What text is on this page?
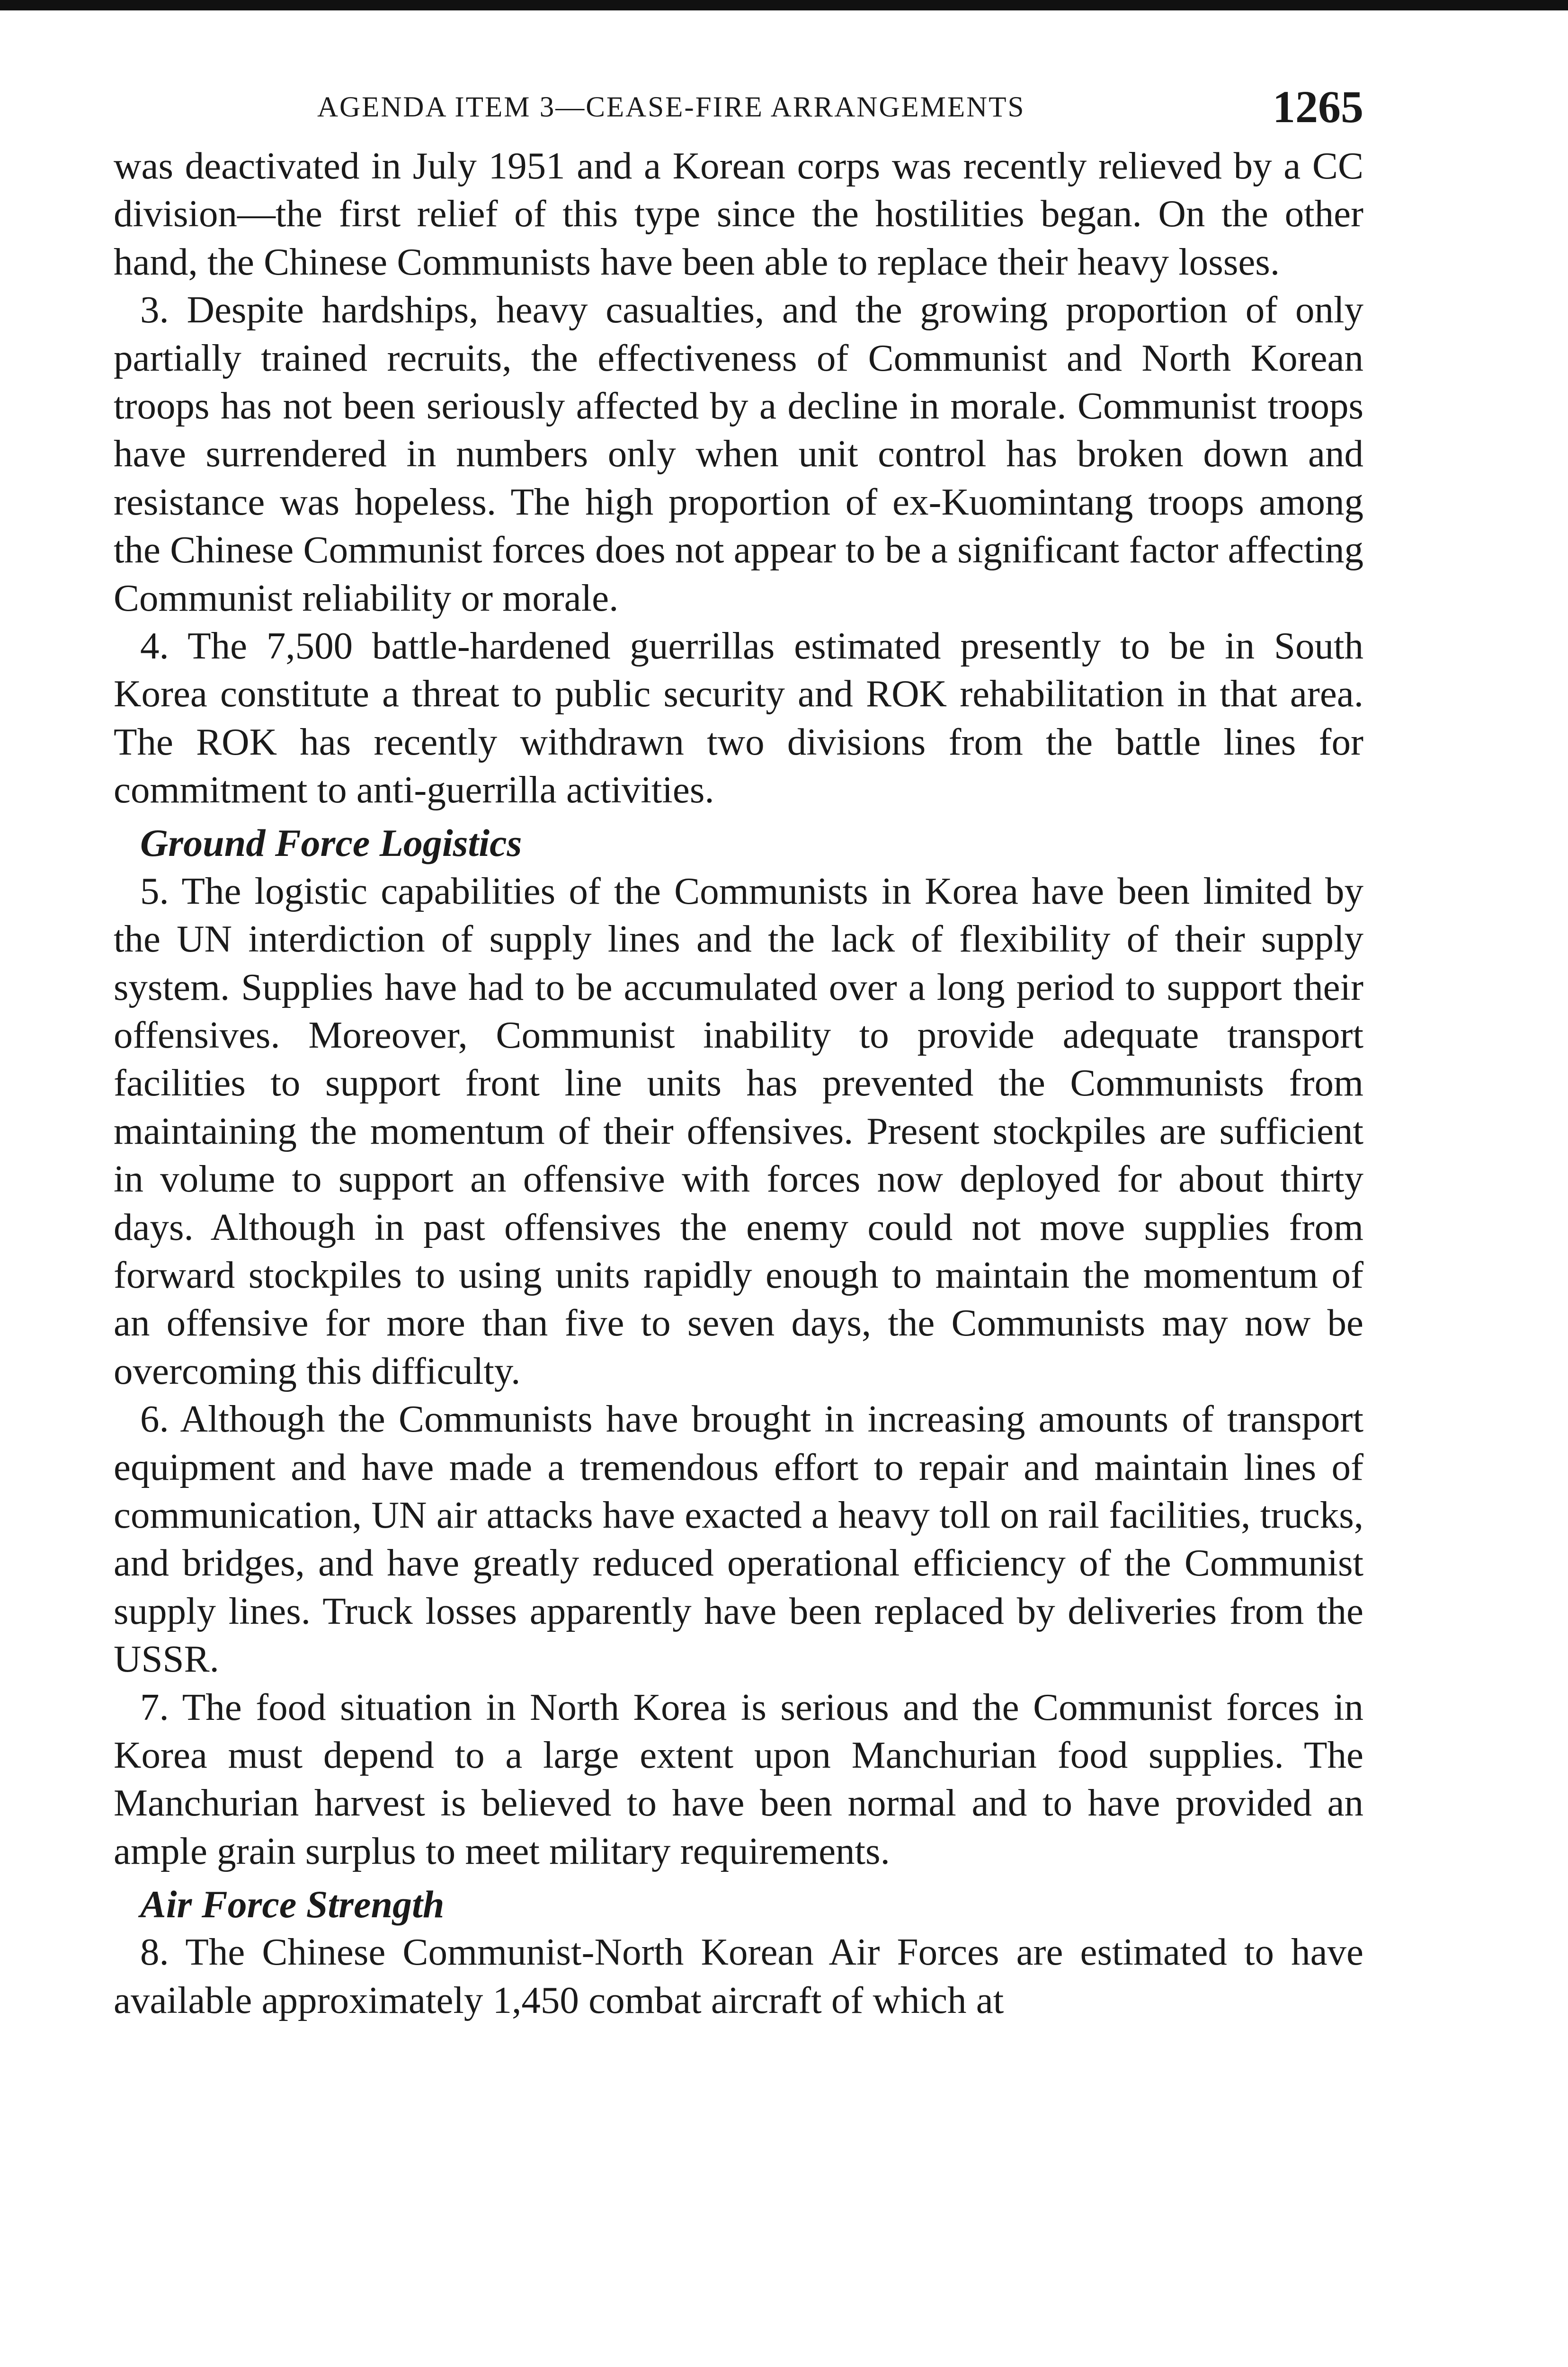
AGENDA ITEM 3—CEASE-FIRE ARRANGEMENTS	1265

was deactivated in July 1951 and a Korean corps was recently relieved by a CC division—the first relief of this type since the hostilities began. On the other hand, the Chinese Communists have been able to replace their heavy losses.

3. Despite hardships, heavy casualties, and the growing proportion of only partially trained recruits, the effectiveness of Communist and North Korean troops has not been seriously affected by a decline in morale. Communist troops have surrendered in numbers only when unit control has broken down and resistance was hopeless. The high proportion of ex-Kuomintang troops among the Chinese Communist forces does not appear to be a significant factor affecting Communist reliability or morale.

4. The 7,500 battle-hardened guerrillas estimated presently to be in South Korea constitute a threat to public security and ROK rehabilitation in that area. The ROK has recently withdrawn two divisions from the battle lines for commitment to anti-guerrilla activities.

Ground Force Logistics

5. The logistic capabilities of the Communists in Korea have been limited by the UN interdiction of supply lines and the lack of flexibility of their supply system. Supplies have had to be accumulated over a long period to support their offensives. Moreover, Communist inability to provide adequate transport facilities to support front line units has prevented the Communists from maintaining the momentum of their offensives. Present stockpiles are sufficient in volume to support an offensive with forces now deployed for about thirty days. Although in past offensives the enemy could not move supplies from forward stockpiles to using units rapidly enough to maintain the momentum of an offensive for more than five to seven days, the Communists may now be overcoming this difficulty.

6. Although the Communists have brought in increasing amounts of transport equipment and have made a tremendous effort to repair and maintain lines of communication, UN air attacks have exacted a heavy toll on rail facilities, trucks, and bridges, and have greatly reduced operational efficiency of the Communist supply lines. Truck losses apparently have been replaced by deliveries from the USSR.

7. The food situation in North Korea is serious and the Communist forces in Korea must depend to a large extent upon Manchurian food supplies. The Manchurian harvest is believed to have been normal and to have provided an ample grain surplus to meet military requirements.

Air Force Strength

8. The Chinese Communist-North Korean Air Forces are estimated to have available approximately 1,450 combat aircraft of which at
